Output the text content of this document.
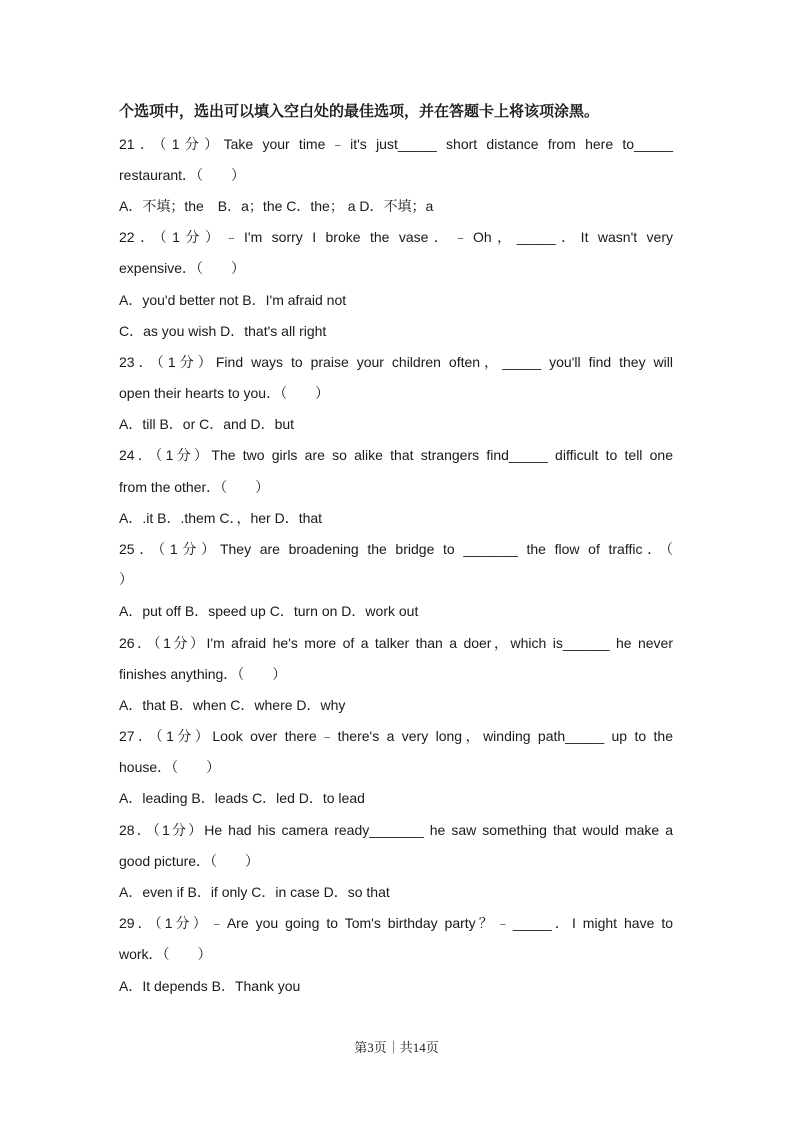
个选项中，选出可以填入空白处的最佳选项，并在答题卡上将该项涂黑。
21．（1分）Take your time﹣it's just_____ short distance from here to_____
restaurant．（　　）
A．不填；the　B．a；the C．the； a D．不填；a
22．（1分）﹣I'm sorry I broke the vase．﹣Oh，_____．It wasn't very
expensive．（　　）
A．you'd better not B．I'm afraid not
C．as you wish D．that's all right
23．（1分）Find ways to praise your children often，_____ you'll find they will
open their hearts to you．（　　）
A．till B．or C．and D．but
24．（1分）The two girls are so alike that strangers find_____ difficult to tell one
from the other．（　　）
A．.it B．.them C．，her D．that
25．（1分）They are broadening the bridge to _______ the flow of traffic．（
）
A．put off B．speed up C．turn on D．work out
26．（1分）I'm afraid he's more of a talker than a doer，which is______ he never
finishes anything．（　　）
A．that B．when C．where D．why
27．（1分）Look over there﹣there's a very long，winding path_____ up to the
house．（　　）
A．leading B．leads C．led D．to lead
28．（1分）He had his camera ready_______ he saw something that would make a
good picture．（　　）
A．even if B．if only C．in case D．so that
29．（1分）﹣Are you going to Tom's birthday party？﹣_____．I might have to
work．（　　）
A．It depends B．Thank you
第3页｜共14页
